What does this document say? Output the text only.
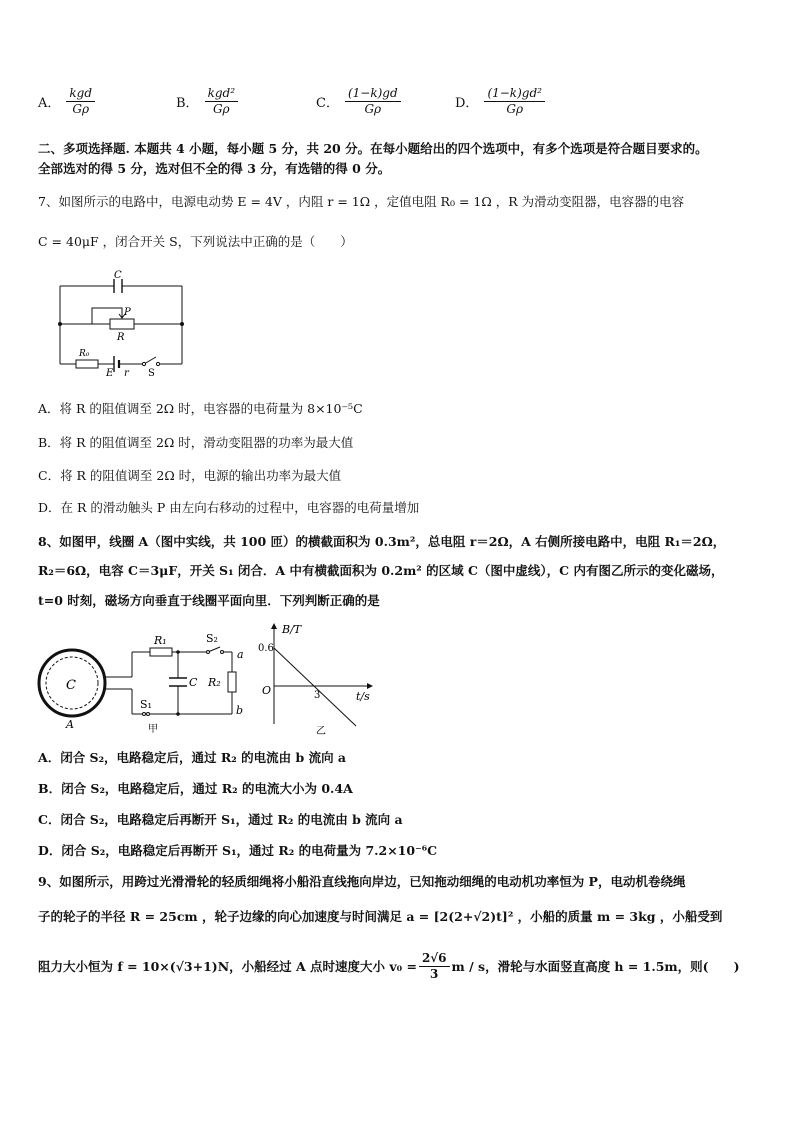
A． $\frac{\text{kgd}}{G\rho}$	B． $\frac{\text{kgd²}}{G\rho}$	C． $\frac{(1-k)gd}{G\rho}$	D． $\frac{\text{(1−k)gd²}}{G\rho}$
二、多项选择题. 本题共 4 小题，每小题 5 分，共 20 分。在每小题给出的四个选项中，有多个选项是符合题目要求的。
全部选对的得 5 分，选对但不全的得 3 分，有选错的得 0 分。
7、如图所示的电路中，电源电动势 E = 4V ，内阻 r = 1Ω ，定值电阻 R₀ = 1Ω ，R 为滑动变阻器，电容器的电容
C = 40μF ，闭合开关 S，下列说法中正确的是（　　）
C
P
R
R₀
E r S
A．将 R 的阻值调至 2Ω 时，电容器的电荷量为 8×10⁻⁵C
B．将 R 的阻值调至 2Ω 时，滑动变阻器的功率为最大值
C．将 R 的阻值调至 2Ω 时，电源的输出功率为最大值
D．在 R 的滑动触头 P 由左向右移动的过程中，电容器的电荷量增加
8、如图甲，线圈 A（图中实线，共 100 匝）的横截面积为 0.3m²，总电阻 r＝2Ω，A 右侧所接电路中，电阻 R₁＝2Ω，
R₂＝6Ω，电容 C＝3μF，开关 S₁ 闭合．A 中有横截面积为 0.2m² 的区域 C（图中虚线），C 内有图乙所示的变化磁场，
t=0 时刻，磁场方向垂直于线圈平面向里．下列判断正确的是
C
A
R₁	S₂
a
C R₂
S₁	b
甲
B/T
0.6
O	3	t/s
乙
A．闭合 S₂，电路稳定后，通过 R₂ 的电流由 b 流向 a
B．闭合 S₂，电路稳定后，通过 R₂ 的电流大小为 0.4A
C．闭合 S₂，电路稳定后再断开 S₁，通过 R₂ 的电流由 b 流向 a
D．闭合 S₂，电路稳定后再断开 S₁，通过 R₂ 的电荷量为 7.2×10⁻⁶C
9、如图所示，用跨过光滑滑轮的轻质细绳将小船沿直线拖向岸边，已知拖动细绳的电动机功率恒为 P，电动机卷绕绳
子的轮子的半径 R = 25cm ，轮子边缘的向心加速度与时间满足 a = [2(2+√2)t]² ，小船的质量 m = 3kg ，小船受到
阻力大小恒为 f = 10×(√3+1)N，小船经过 A 点时速度大小 $v_0 = \frac{2√6}{3}$ m / s，滑轮与水面竖直高度 h = 1.5m，则(　　)
